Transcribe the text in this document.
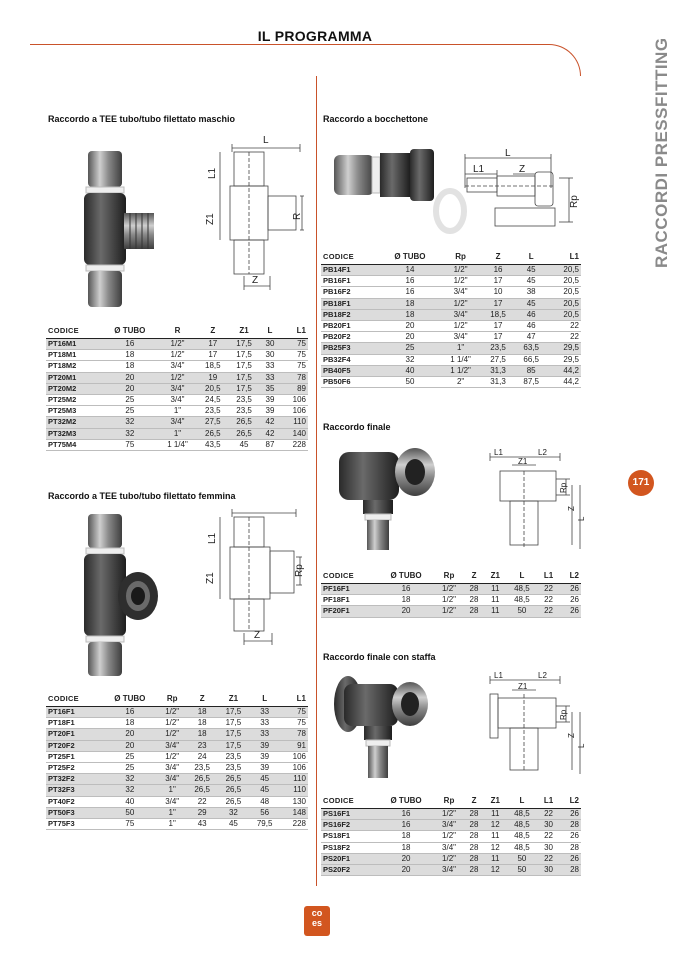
IL PROGRAMMA
RACCORDI PRESSFITTING
171
Raccordo a TEE tubo/tubo filettato maschio
L
L1
Z1
Z
R
CODICE	Ø TUBO	R	Z	Z1	L	L1
PT16M1	16	1/2"	17	17,5	30	75
PT18M1	18	1/2"	17	17,5	30	75
PT18M2	18	3/4"	18,5	17,5	33	75
PT20M1	20	1/2"	19	17,5	33	78
PT20M2	20	3/4"	20,5	17,5	35	89
PT25M2	25	3/4"	24,5	23,5	39	106
PT25M3	25	1"	23,5	23,5	39	106
PT32M2	32	3/4"	27,5	26,5	42	110
PT32M3	32	1"	26,5	26,5	42	140
PT75M4	75	1 1/4"	43,5	45	87	228
Raccordo a TEE tubo/tubo filettato femmina
L1
Z1
Z
Rp
CODICE	Ø TUBO	Rp	Z	Z1	L	L1
PT16F1	16	1/2"	18	17,5	33	75
PT18F1	18	1/2"	18	17,5	33	75
PT20F1	20	1/2"	18	17,5	33	78
PT20F2	20	3/4"	23	17,5	39	91
PT25F1	25	1/2"	24	23,5	39	106
PT25F2	25	3/4"	23,5	23,5	39	106
PT32F2	32	3/4"	26,5	26,5	45	110
PT32F3	32	1"	26,5	26,5	45	110
PT40F2	40	3/4"	22	26,5	48	130
PT50F3	50	1"	29	32	56	148
PT75F3	75	1"	43	45	79,5	228
Raccordo a bocchettone
L
L1	Z
Rp
CODICE	Ø TUBO	Rp	Z	L	L1
PB14F1	14	1/2"	16	45	20,5
PB16F1	16	1/2"	17	45	20,5
PB16F2	16	3/4"	10	38	20,5
PB18F1	18	1/2"	17	45	20,5
PB18F2	18	3/4"	18,5	46	20,5
PB20F1	20	1/2"	17	46	22
PB20F2	20	3/4"	17	47	22
PB25F3	25	1"	23,5	63,5	29,5
PB32F4	32	1 1/4"	27,5	66,5	29,5
PB40F5	40	1 1/2"	31,3	85	44,2
PB50F6	50	2"	31,3	87,5	44,2
Raccordo finale
L1	L2
Z1
Rp
Z
L
CODICE	Ø TUBO	Rp	Z	Z1	L	L1	L2
PF16F1	16	1/2"	28	11	48,5	22	26
PF18F1	18	1/2"	28	11	48,5	22	26
PF20F1	20	1/2"	28	11	50	22	26
Raccordo finale con staffa
L1	L2
Z1
Rp
Z
L
CODICE	Ø TUBO	Rp	Z	Z1	L	L1	L2
PS16F1	16	1/2"	28	11	48,5	22	26
PS16F2	16	3/4"	28	12	48,5	30	28
PS18F1	18	1/2"	28	11	48,5	22	26
PS18F2	18	3/4"	28	12	48,5	30	28
PS20F1	20	1/2"	28	11	50	22	26
PS20F2	20	3/4"	28	12	50	30	28
co
es
